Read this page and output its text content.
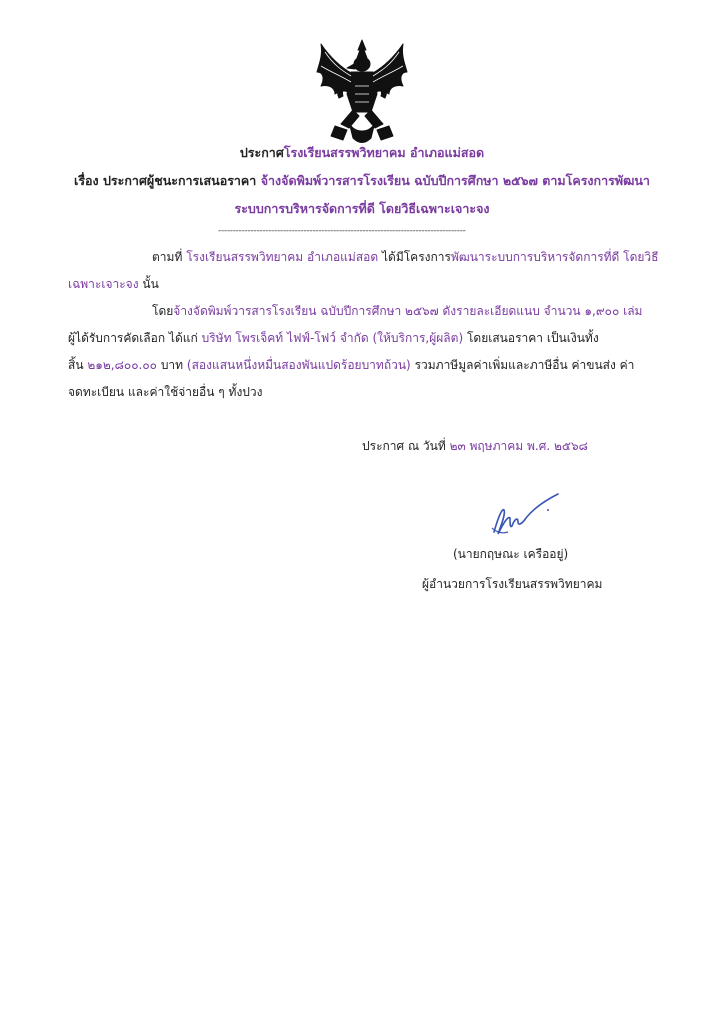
ประกาศโรงเรียนสรรพวิทยาคม อำเภอแม่สอด
เรื่อง ประกาศผู้ชนะการเสนอราคา จ้างจัดพิมพ์วารสารโรงเรียน ฉบับปีการศึกษา ๒๕๖๗ ตามโครงการพัฒนา
ระบบการบริหารจัดการที่ดี โดยวิธีเฉพาะเจาะจง
------------------------------------------------------------------------------------
ตามที่ โรงเรียนสรรพวิทยาคม อำเภอแม่สอด ได้มีโครงการพัฒนาระบบการบริหารจัดการที่ดี โดยวิธี
เฉพาะเจาะจง นั้น
โดยจ้างจัดพิมพ์วารสารโรงเรียน ฉบับปีการศึกษา ๒๕๖๗ ดังรายละเอียดแนบ จำนวน ๑,๙๐๐ เล่ม
ผู้ได้รับการคัดเลือก ได้แก่ บริษัท โพรเจ็คท์ ไฟฟ์-โฟว์ จำกัด (ให้บริการ,ผู้ผลิต) โดยเสนอราคา เป็นเงินทั้ง
สิ้น ๒๑๒,๘๐๐.๐๐ บาท (สองแสนหนึ่งหมื่นสองพันแปดร้อยบาทถ้วน) รวมภาษีมูลค่าเพิ่มและภาษีอื่น ค่าขนส่ง ค่า
จดทะเบียน และค่าใช้จ่ายอื่น ๆ ทั้งปวง
ประกาศ ณ วันที่ ๒๓ พฤษภาคม พ.ศ. ๒๕๖๘
(นายกฤษณะ เครืออยู่)
ผู้อำนวยการโรงเรียนสรรพวิทยาคม
